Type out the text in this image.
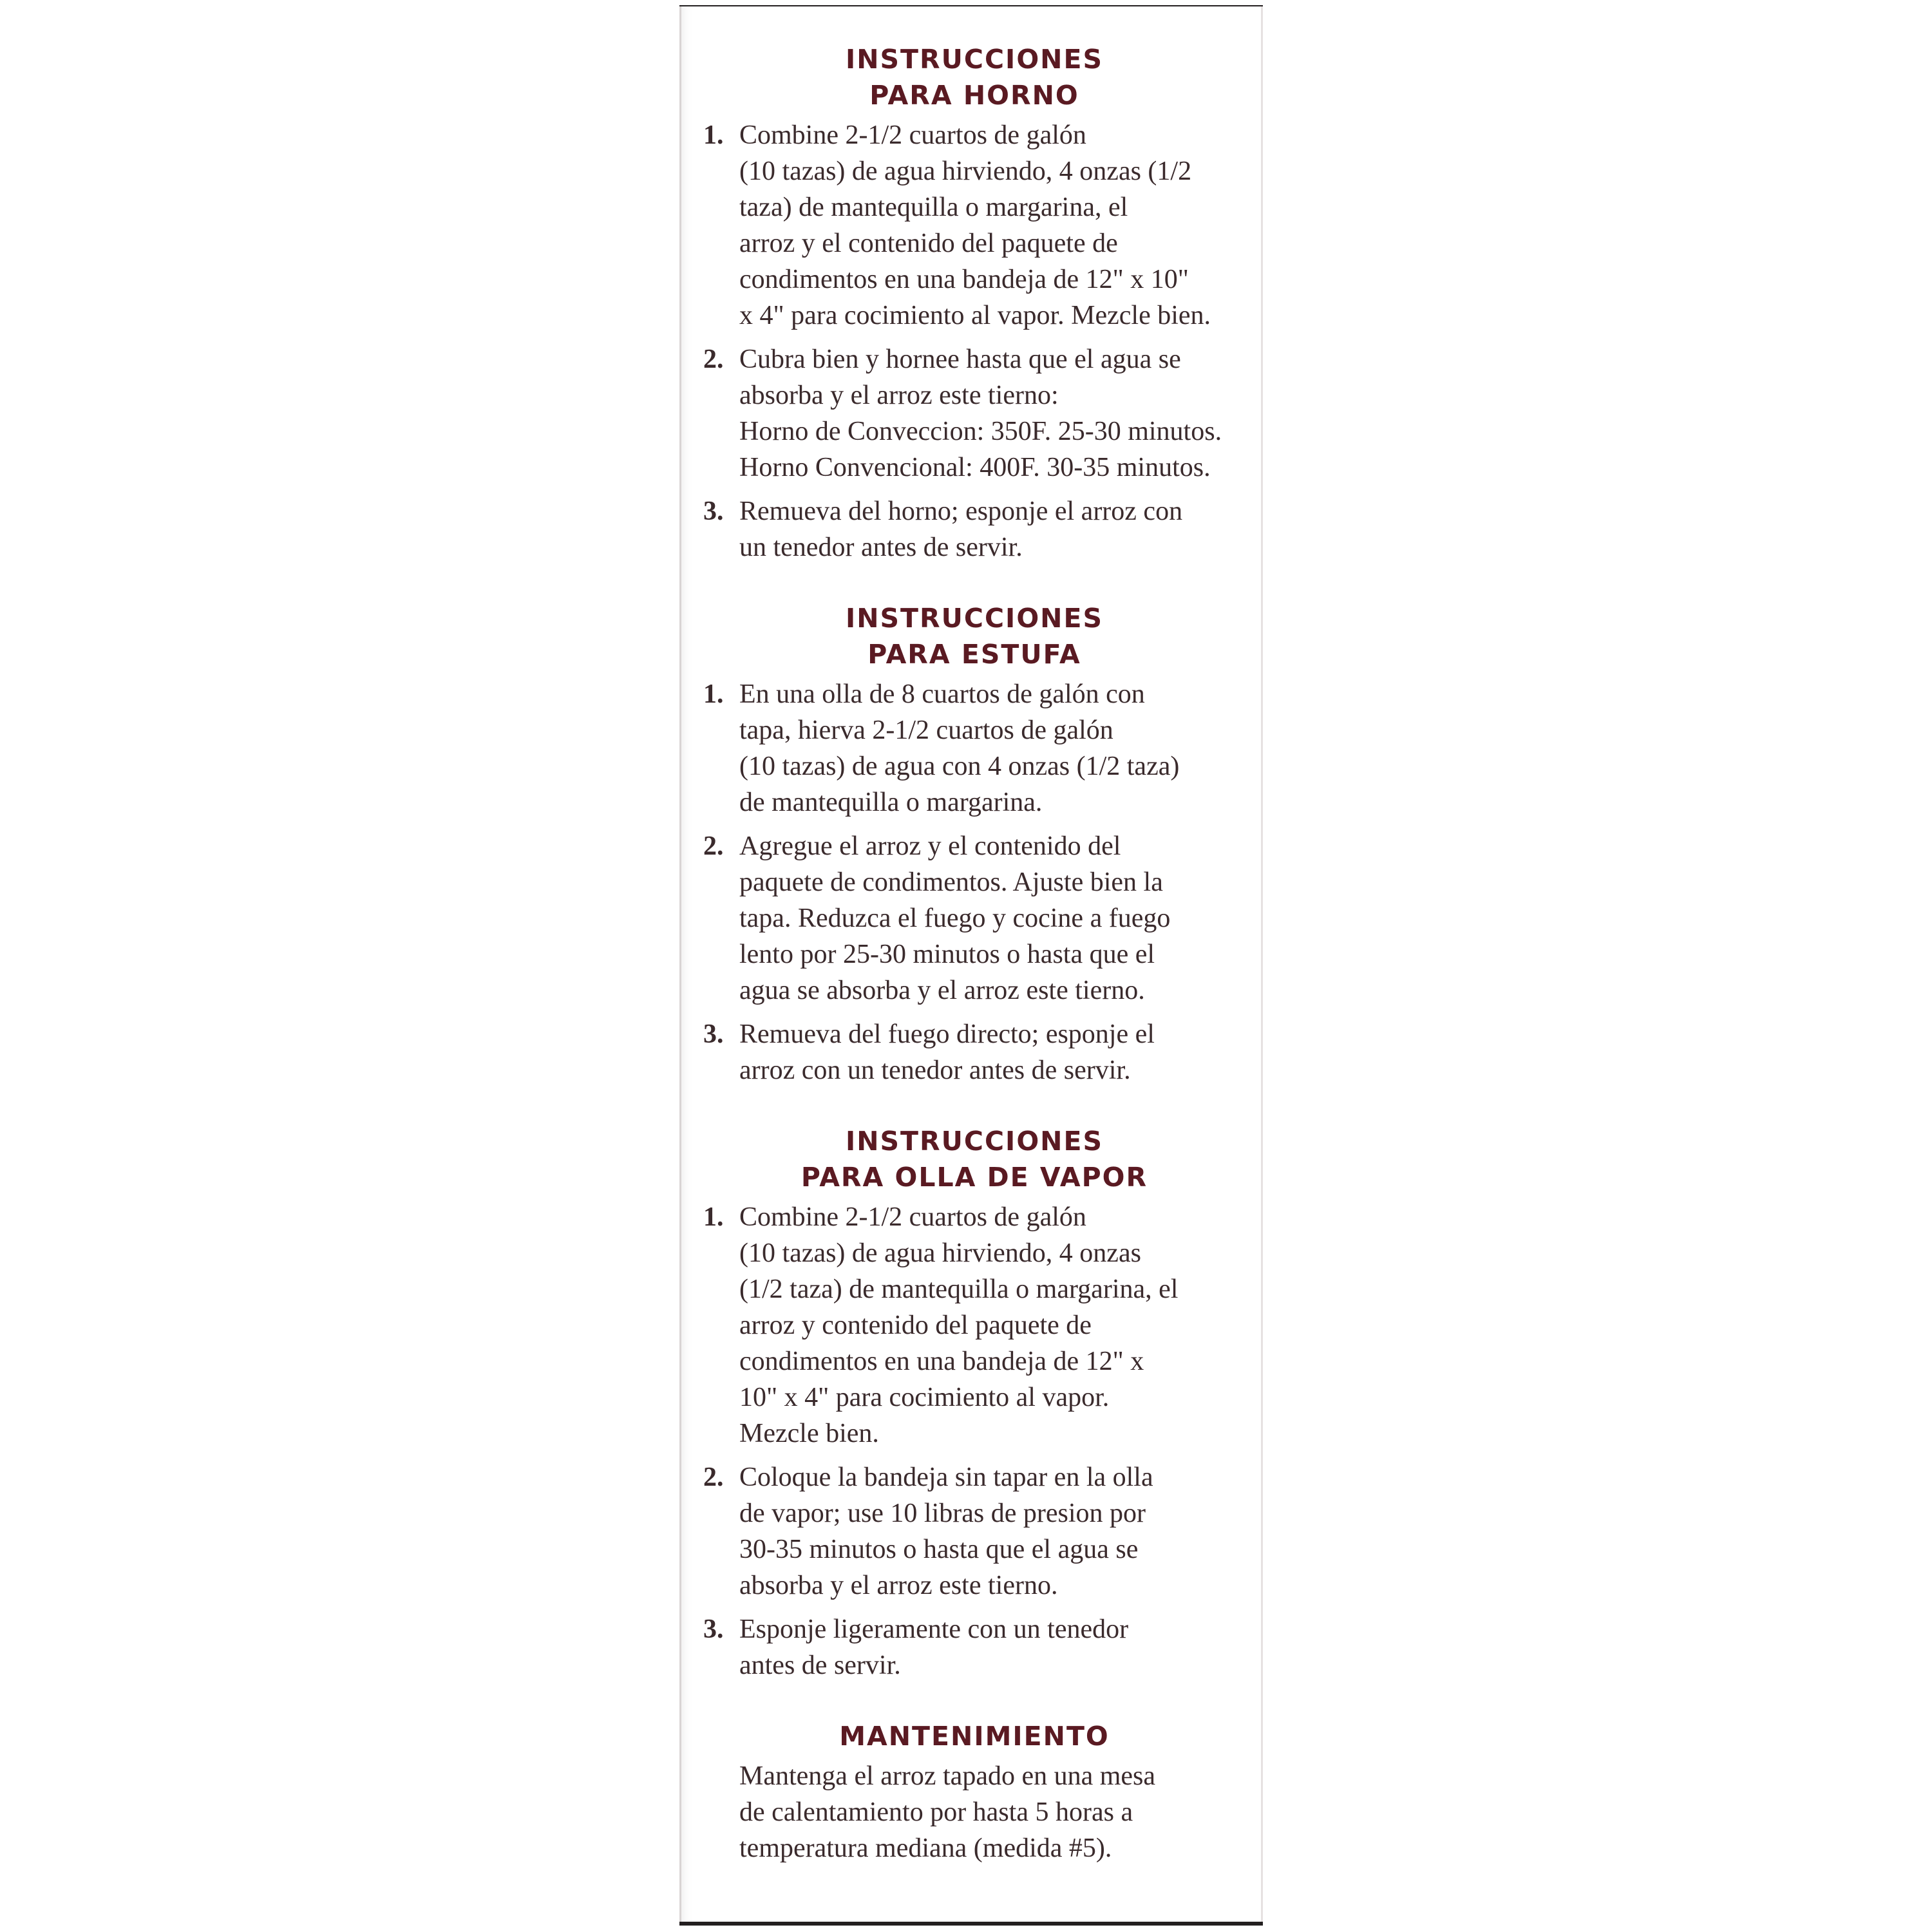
INSTRUCCIONES
PARA HORNO
1. Combine 2-1/2 cuartos de galón
(10 tazas) de agua hirviendo, 4 onzas (1/2
taza) de mantequilla o margarina, el
arroz y el contenido del paquete de
condimentos en una bandeja de 12" x 10"
x 4" para cocimiento al vapor. Mezcle bien.
2. Cubra bien y hornee hasta que el agua se
absorba y el arroz este tierno:
Horno de Conveccion: 350F. 25-30 minutos.
Horno Convencional: 400F. 30-35 minutos.
3. Remueva del horno; esponje el arroz con
un tenedor antes de servir.
INSTRUCCIONES
PARA ESTUFA
1. En una olla de 8 cuartos de galón con
tapa, hierva 2-1/2 cuartos de galón
(10 tazas) de agua con 4 onzas (1/2 taza)
de mantequilla o margarina.
2. Agregue el arroz y el contenido del
paquete de condimentos. Ajuste bien la
tapa. Reduzca el fuego y cocine a fuego
lento por 25-30 minutos o hasta que el
agua se absorba y el arroz este tierno.
3. Remueva del fuego directo; esponje el
arroz con un tenedor antes de servir.
INSTRUCCIONES
PARA OLLA DE VAPOR
1. Combine 2-1/2 cuartos de galón
(10 tazas) de agua hirviendo, 4 onzas
(1/2 taza) de mantequilla o margarina, el
arroz y contenido del paquete de
condimentos en una bandeja de 12" x
10" x 4" para cocimiento al vapor.
Mezcle bien.
2. Coloque la bandeja sin tapar en la olla
de vapor; use 10 libras de presion por
30-35 minutos o hasta que el agua se
absorba y el arroz este tierno.
3. Esponje ligeramente con un tenedor
antes de servir.
MANTENIMIENTO
Mantenga el arroz tapado en una mesa
de calentamiento por hasta 5 horas a
temperatura mediana (medida #5).
